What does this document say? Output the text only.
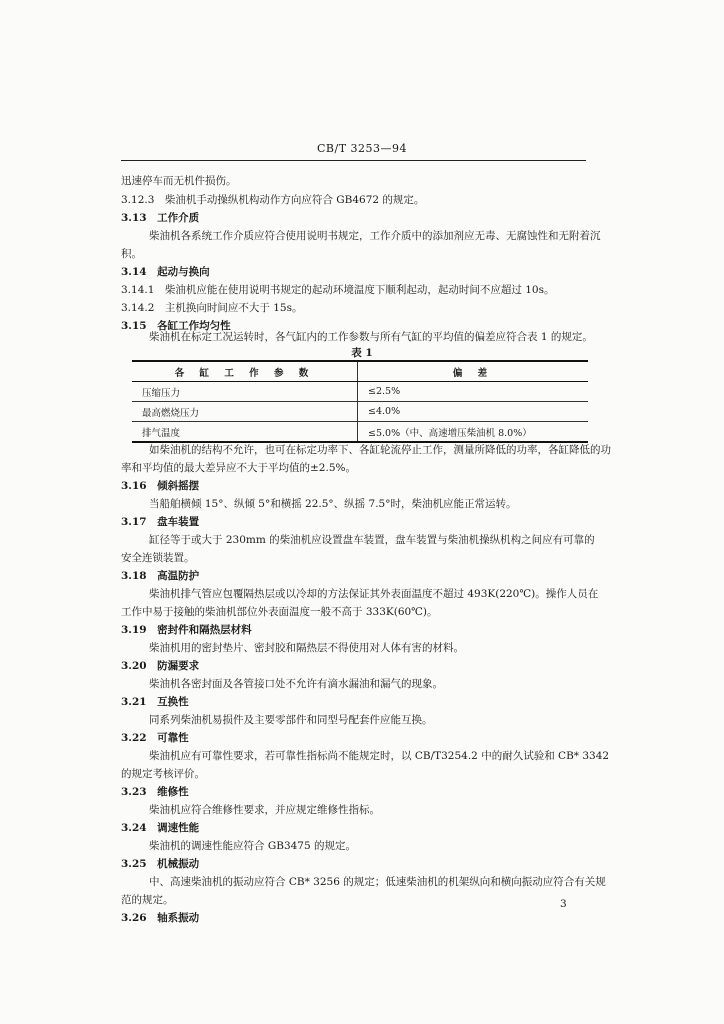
CB/T 3253—94
迅速停车而无机件损伤。
3.12.3　柴油机手动操纵机构动作方向应符合 GB4672 的规定。
3.13　工作介质
柴油机各系统工作介质应符合使用说明书规定，工作介质中的添加剂应无毒、无腐蚀性和无附着沉
积。
3.14　起动与换向
3.14.1　柴油机应能在使用说明书规定的起动环境温度下顺利起动，起动时间不应超过 10s。
3.14.2　主机换向时间应不大于 15s。
3.15　各缸工作均匀性
柴油机在标定工况运转时，各气缸内的工作参数与所有气缸的平均值的偏差应符合表 1 的规定。
表 1
各 缸 工 作 参 数	偏 差
压缩压力	≤2.5%
最高燃烧压力	≤4.0%
排气温度	≤5.0%（中、高速增压柴油机 8.0%）
如柴油机的结构不允许，也可在标定功率下、各缸轮流停止工作，测量所降低的功率，各缸降低的功
率和平均值的最大差异应不大于平均值的±2.5%。
3.16　倾斜摇摆
当船舶横倾 15°、纵倾 5°和横摇 22.5°、纵摇 7.5°时，柴油机应能正常运转。
3.17　盘车装置
缸径等于或大于 230mm 的柴油机应设置盘车装置，盘车装置与柴油机操纵机构之间应有可靠的
安全连锁装置。
3.18　高温防护
柴油机排气管应包覆隔热层或以冷却的方法保证其外表面温度不超过 493K(220℃)。操作人员在
工作中易于接触的柴油机部位外表面温度一般不高于 333K(60℃)。
3.19　密封件和隔热层材料
柴油机用的密封垫片、密封胶和隔热层不得使用对人体有害的材料。
3.20　防漏要求
柴油机各密封面及各管接口处不允许有滴水漏油和漏气的现象。
3.21　互换性
同系列柴油机易损件及主要零部件和同型号配套件应能互换。
3.22　可靠性
柴油机应有可靠性要求，若可靠性指标尚不能规定时，以 CB/T3254.2 中的耐久试验和 CB* 3342
的规定考核评价。
3.23　维修性
柴油机应符合维修性要求，并应规定维修性指标。
3.24　调速性能
柴油机的调速性能应符合 GB3475 的规定。
3.25　机械振动
中、高速柴油机的振动应符合 CB* 3256 的规定；低速柴油机的机架纵向和横向振动应符合有关规
范的规定。
3.26　轴系振动
3
